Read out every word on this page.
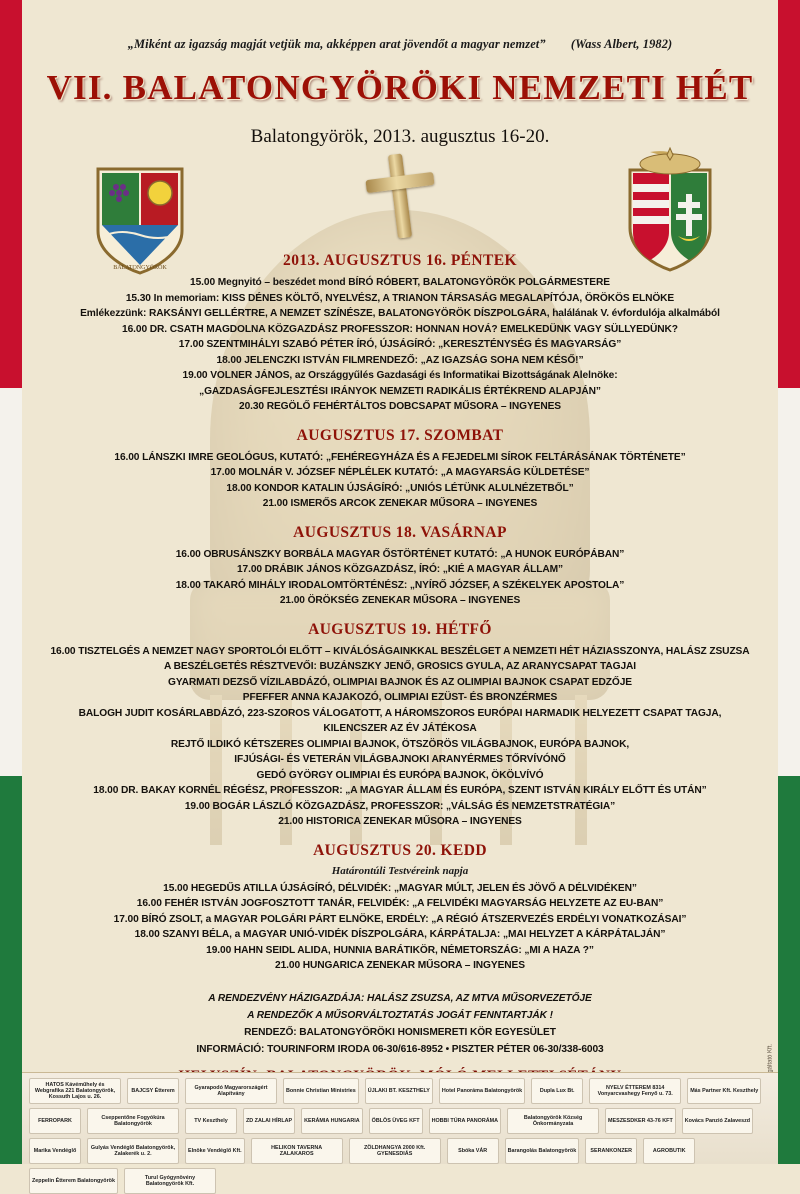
BALATONGYÖRÖK
„Miként az igazság magját vetjük ma, akképpen arat jövendőt a magyar nemzet” (Wass Albert, 1982)
VII. BALATONGYÖRÖKI NEMZETI HÉT
Balatongyörök, 2013. augusztus 16-20.
2013. AUGUSZTUS 16. PÉNTEK
15.00 Megnyitó – beszédet mond BÍRÓ RÓBERT, BALATONGYÖRÖK POLGÁRMESTERE
15.30 In memoriam: KISS DÉNES KÖLTŐ, NYELVÉSZ, A TRIANON TÁRSASÁG MEGALAPÍTÓJA, ÖRÖKÖS ELNÖKE
Emlékezzünk: RAKSÁNYI GELLÉRTRE, A NEMZET SZÍNÉSZE, BALATONGYÖRÖK DÍSZPOLGÁRA, halálának V. évfordulója alkalmából
16.00 DR. CSATH MAGDOLNA KÖZGAZDÁSZ PROFESSZOR: HONNAN HOVÁ? EMELKEDÜNK VAGY SÜLLYEDÜNK?
17.00 SZENTMIHÁLYI SZABÓ PÉTER ÍRÓ, ÚJSÁGÍRÓ: „KERESZTÉNYSÉG ÉS MAGYARSÁG”
18.00 JELENCZKI ISTVÁN FILMRENDEZŐ: „AZ IGAZSÁG SOHA NEM KÉSŐ!”
19.00 VOLNER JÁNOS, az Országgyűlés Gazdasági és Informatikai Bizottságának Alelnöke:
„GAZDASÁGFEJLESZTÉSI IRÁNYOK NEMZETI RADIKÁLIS ÉRTÉKREND ALAPJÁN”
20.30 REGÖLŐ FEHÉRTÁLTOS DOBCSAPAT MŰSORA – INGYENES
AUGUSZTUS 17. SZOMBAT
16.00 LÁNSZKI IMRE GEOLÓGUS, KUTATÓ: „FEHÉREGYHÁZA ÉS A FEJEDELMI SÍROK FELTÁRÁSÁNAK TÖRTÉNETE”
17.00 MOLNÁR V. JÓZSEF NÉPLÉLEK KUTATÓ: „A MAGYARSÁG KÜLDETÉSE”
18.00 KONDOR KATALIN ÚJSÁGÍRÓ: „UNIÓS LÉTÜNK ALULNÉZETBŐL”
21.00 ISMERŐS ARCOK ZENEKAR MŰSORA – INGYENES
AUGUSZTUS 18. VASÁRNAP
16.00 OBRUSÁNSZKY BORBÁLA MAGYAR ŐSTÖRTÉNET KUTATÓ: „A HUNOK EURÓPÁBAN”
17.00 DRÁBIK JÁNOS KÖZGAZDÁSZ, ÍRÓ: „KIÉ A MAGYAR ÁLLAM”
18.00 TAKARÓ MIHÁLY IRODALOMTÖRTÉNÉSZ: „NYÍRŐ JÓZSEF, A SZÉKELYEK APOSTOLA”
21.00 ÖRÖKSÉG ZENEKAR MŰSORA – INGYENES
AUGUSZTUS 19. HÉTFŐ
16.00 TISZTELGÉS A NEMZET NAGY SPORTOLÓI ELŐTT – KIVÁLÓSÁGAINKKAL BESZÉLGET A NEMZETI HÉT HÁZIASSZONYA, HALÁSZ ZSUZSA
A BESZÉLGETÉS RÉSZTVEVŐI: BUZÁNSZKY JENŐ, GROSICS GYULA, AZ ARANYCSAPAT TAGJAI
GYARMATI DEZSŐ VÍZILABDÁZÓ, OLIMPIAI BAJNOK ÉS AZ OLIMPIAI BAJNOK CSAPAT EDZŐJE
PFEFFER ANNA KAJAKOZÓ, OLIMPIAI EZÜST- ÉS BRONZÉRMES
BALOGH JUDIT KOSÁRLABDÁZÓ, 223-SZOROS VÁLOGATOTT, A HÁROMSZOROS EURÓPAI HARMADIK HELYEZETT CSAPAT TAGJA,
KILENCSZER AZ ÉV JÁTÉKOSA
REJTŐ ILDIKÓ KÉTSZERES OLIMPIAI BAJNOK, ÖTSZÖRÖS VILÁGBAJNOK, EURÓPA BAJNOK,
IFJÚSÁGI- ÉS VETERÁN VILÁGBAJNOKI ARANYÉRMES TŐRVÍVÓNŐ
GEDÓ GYÖRGY OLIMPIAI ÉS EURÓPA BAJNOK, ÖKÖLVÍVÓ
18.00 DR. BAKAY KORNÉL RÉGÉSZ, PROFESSZOR: „A MAGYAR ÁLLAM ÉS EURÓPA, SZENT ISTVÁN KIRÁLY ELŐTT ÉS UTÁN”
19.00 BOGÁR LÁSZLÓ KÖZGAZDÁSZ, PROFESSZOR: „VÁLSÁG ÉS NEMZETSTRATÉGIA”
21.00 HISTORICA ZENEKAR MŰSORA – INGYENES
AUGUSZTUS 20. KEDD
Határontúli Testvéreink napja
15.00 HEGEDŰS ATILLA ÚJSÁGÍRÓ, DÉLVIDÉK: „MAGYAR MÚLT, JELEN ÉS JÖVŐ A DÉLVIDÉKEN”
16.00 FEHÉR ISTVÁN JOGFOSZTOTT TANÁR, FELVIDÉK: „A FELVIDÉKI MAGYARSÁG HELYZETE AZ EU-BAN”
17.00 BÍRÓ ZSOLT, a MAGYAR POLGÁRI PÁRT ELNÖKE, ERDÉLY: „A RÉGIÓ ÁTSZERVEZÉS ERDÉLYI VONATKOZÁSAI”
18.00 SZANYI BÉLA, a MAGYAR UNIÓ-VIDÉK DÍSZPOLGÁRA, KÁRPÁTALJA: „MAI HELYZET A KÁRPÁTALJÁN”
19.00 HAHN SEIDL ALIDA, HUNNIA BARÁTIKÖR, NÉMETORSZÁG: „MI A HAZA ?”
21.00 HUNGARICA ZENEKAR MŰSORA – INGYENES
A RENDEZVÉNY HÁZIGAZDÁJA: HALÁSZ ZSUZSA, AZ MTVA MŰSORVEZETŐJE
A RENDEZŐK A MŰSORVÁLTOZTATÁS JOGÁT FENNTARTJÁK !
RENDEZŐ: BALATONGYÖRÖKI HONISMERETI KÖR EGYESÜLET
INFORMÁCIÓ: TOURINFORM IRODA 06-30/616-8952 • PISZTER PÉTER 06-30/338-6003
HATOS Kávéműhely és Webgrafika 221 Balatongyörök, Kossuth Lajos u. 26.
BAJCSY Étterem	Gyarapodó Magyarországért Alapítvány	Bonnie Christian Ministries	ÚJLAKI BT. KESZTHELY	Hotel Panoráma Balatongyörök	Dupla Lux Bt.	NYELV ÉTTEREM 8314 Vonyarcvashegy Fenyő u. 73.	Más Partner Kft. Keszthely
FERROPARK	Cseppentőne Fogyókúra Balatongyörök	TV Keszthely	ZD ZALAI HÍRLAP	KERÁMIA HUNGARIA	ÖBLÖS ÜVEG KFT	HOBBI TÚRA PANORÁMA	Balatongyörök Község Önkormányzata	MESZESDKER 43-76 KFT	Kovács Panzió Zalaveszd
Marika Vendéglő	Gulyás Vendéglő Balatongyörök, Zalakerék u. 2.	Elnöke Vendéglő Kft.	HELIKON TAVERNA ZALAKAROS
ZÖLDHANGYA 2000 Kft. GYENESDIÁS	Sbóka VÁR	Barangolás Balatongyörök	SERANKONZER	AGROBUTIK
Zeppelin Étterem Balatongyörök	Turul Gyógynövény Balatongyörök Kft.
